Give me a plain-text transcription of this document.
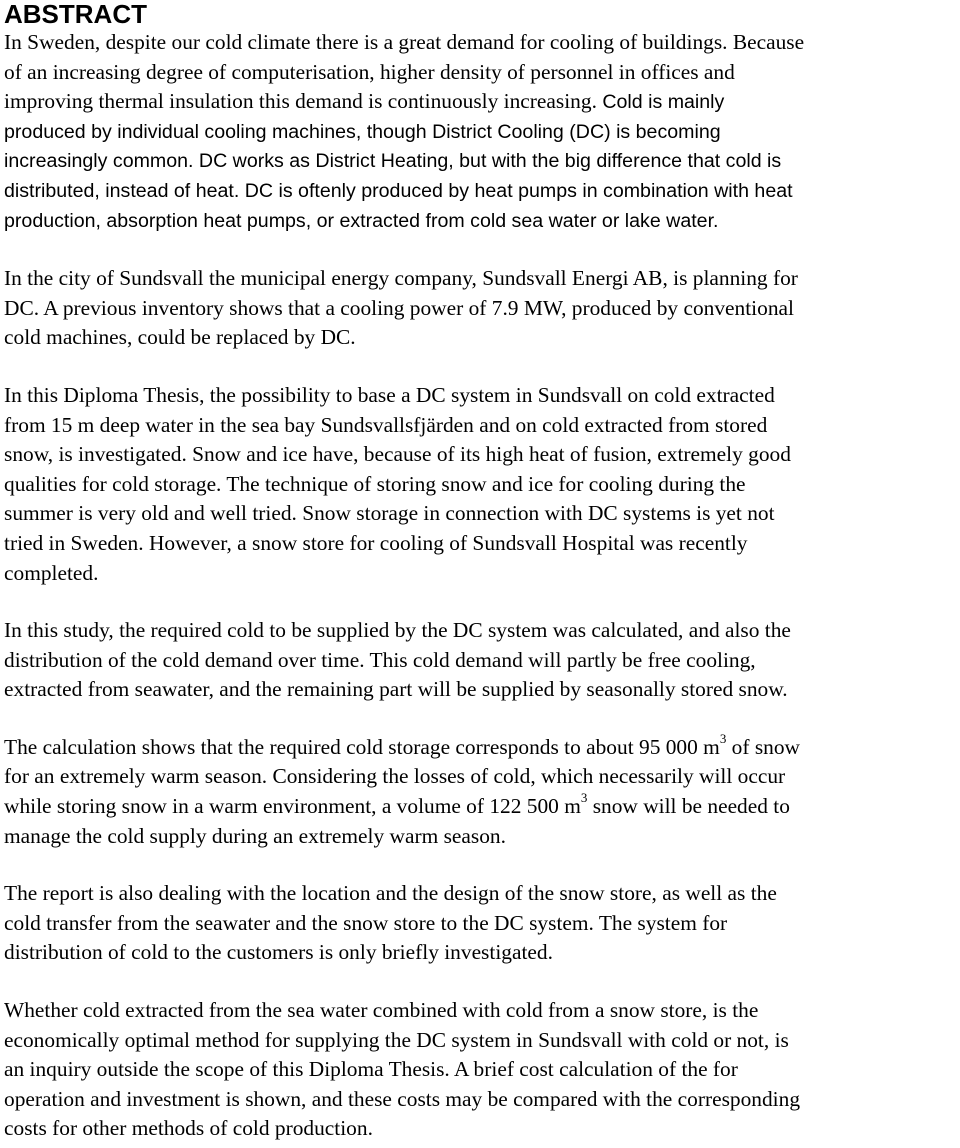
ABSTRACT
In Sweden, despite our cold climate there is a great demand for cooling of buildings. Because
of an increasing degree of computerisation, higher density of personnel in offices and
improving thermal insulation this demand is continuously increasing. Cold is mainly
produced by individual cooling machines, though District Cooling (DC) is becoming
increasingly common. DC works as District Heating, but with the big difference that cold is
distributed, instead of heat. DC is oftenly produced by heat pumps in combination with heat
production, absorption heat pumps, or extracted from cold sea water or lake water.
In the city of Sundsvall the municipal energy company, Sundsvall Energi AB, is planning for
DC. A previous inventory shows that a cooling power of 7.9 MW, produced by conventional
cold machines, could be replaced by DC.
In this Diploma Thesis, the possibility to base a DC system in Sundsvall on cold extracted
from 15 m deep water in the sea bay Sundsvallsfjärden and on cold extracted from stored
snow, is investigated. Snow and ice have, because of its high heat of fusion, extremely good
qualities for cold storage. The technique of storing snow and ice for cooling during the
summer is very old and well tried. Snow storage in connection with DC systems is yet not
tried in Sweden. However, a snow store for cooling of Sundsvall Hospital was recently
completed.
In this study, the required cold to be supplied by the DC system was calculated, and also the
distribution of the cold demand over time. This cold demand will partly be free cooling,
extracted from seawater, and the remaining part will be supplied by seasonally stored snow.
The calculation shows that the required cold storage corresponds to about 95 000 $m^3$ of snow
for an extremely warm season. Considering the losses of cold, which necessarily will occur
while storing snow in a warm environment, a volume of 122 500 $m^3$ snow will be needed to
manage the cold supply during an extremely warm season.
The report is also dealing with the location and the design of the snow store, as well as the
cold transfer from the seawater and the snow store to the DC system. The system for
distribution of cold to the customers is only briefly investigated.
Whether cold extracted from the sea water combined with cold from a snow store, is the
economically optimal method for supplying the DC system in Sundsvall with cold or not, is
an inquiry outside the scope of this Diploma Thesis. A brief cost calculation of the for
operation and investment is shown, and these costs may be compared with the corresponding
costs for other methods of cold production.
